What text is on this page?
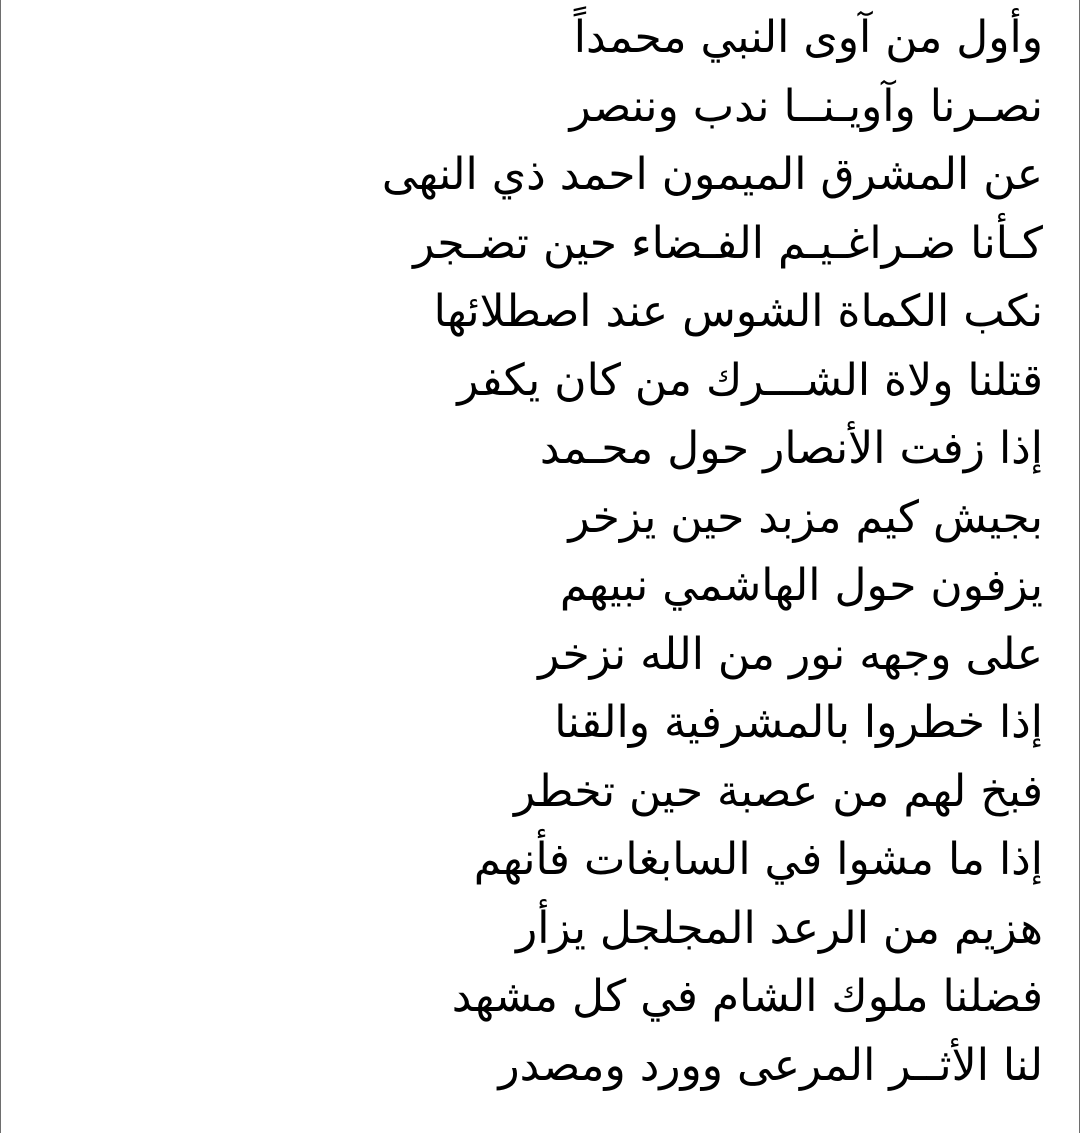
وأول من آوى النبي محمداً
نصـرنا وآويـنــا ندب وننصر
عن المشرق الميمون احمد ذي النهى
كـأنا ضـراغـيـم الفـضاء حين تضـجر
نكب الكماة الشوس عند اصطلائها
قتلنا ولاة الشـــرك من كان يكفر
إذا زفت الأنصار حول محـمد
بجيش كيم مزبد حين يزخر
يزفون حول الهاشمي نبيهم
على وجهه نور من الله نزخر
إذا خطروا بالمشرفية والقنا
فبخ لهم من عصبة حين تخطر
إذا ما مشوا في السابغات فأنهم
هزيم من الرعد المجلجل يزأر
فضلنا ملوك الشام في كل مشهد
لنا الأثــر المرعى وورد ومصدر
